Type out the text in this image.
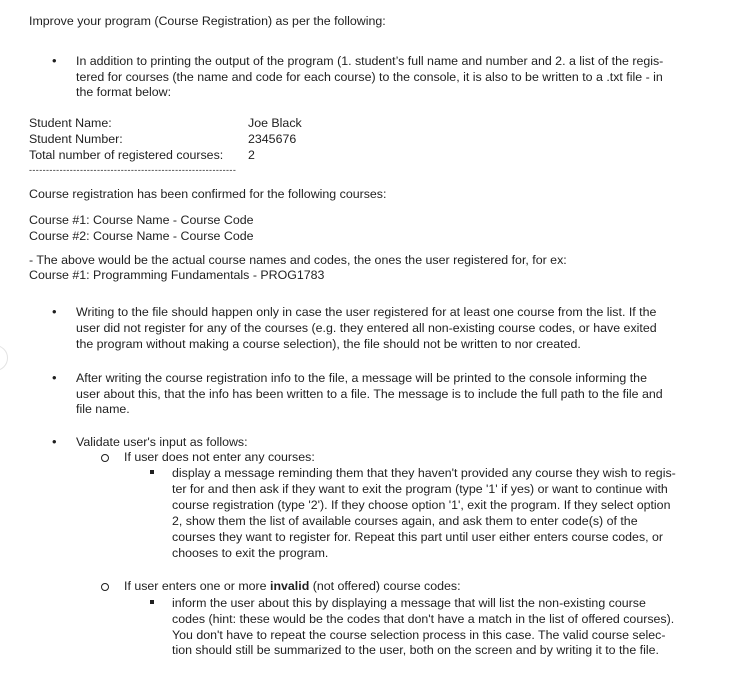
Improve your program (Course Registration) as per the following:
• In addition to printing the output of the program (1. student’s full name and number and 2. a list of the regis-
tered for courses (the name and code for each course) to the console, it is also to be written to a .txt file - in
the format below:
Student Name:	Joe Black
Student Number:	2345676
Total number of registered courses: 2
-------------------------------------------------------------
Course registration has been confirmed for the following courses:
Course #1: Course Name - Course Code
Course #2: Course Name - Course Code
- The above would be the actual course names and codes, the ones the user registered for, for ex:
Course #1: Programming Fundamentals - PROG1783
• Writing to the file should happen only in case the user registered for at least one course from the list. If the
user did not register for any of the courses (e.g. they entered all non-existing course codes, or have exited
the program without making a course selection), the file should not be written to nor created.
• After writing the course registration info to the file, a message will be printed to the console informing the
user about this, that the info has been written to a file. The message is to include the full path to the file and
file name.
• Validate user's input as follows:
If user does not enter any courses:
display a message reminding them that they haven't provided any course they wish to regis-
ter for and then ask if they want to exit the program (type '1' if yes) or want to continue with
course registration (type '2'). If they choose option '1', exit the program. If they select option
2, show them the list of available courses again, and ask them to enter code(s) of the
courses they want to register for. Repeat this part until user either enters course codes, or
chooses to exit the program.
If user enters one or more invalid (not offered) course codes:
inform the user about this by displaying a message that will list the non-existing course
codes (hint: these would be the codes that don't have a match in the list of offered courses).
You don't have to repeat the course selection process in this case. The valid course selec-
tion should still be summarized to the user, both on the screen and by writing it to the file.
